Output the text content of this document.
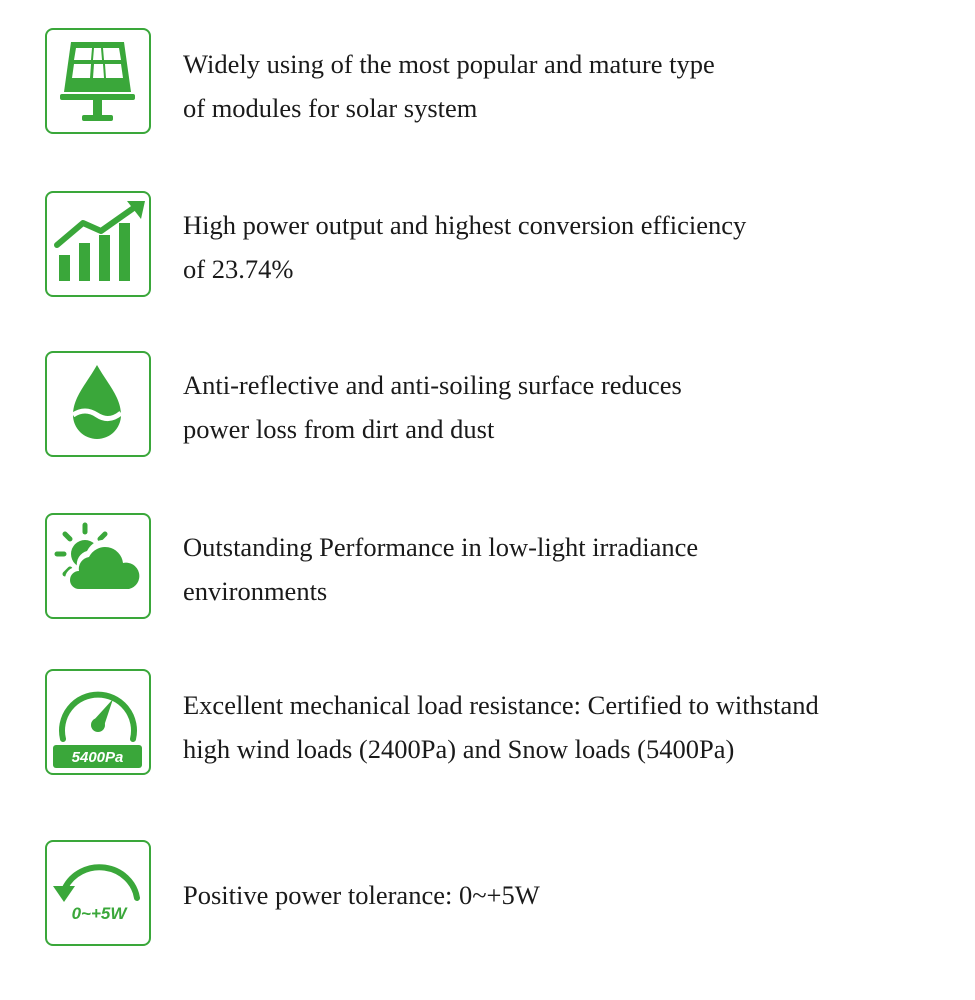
Widely using of the most popular and mature type
of modules for solar system
High power output and highest conversion efficiency
of 23.74%
Anti-reflective and anti-soiling surface reduces
power loss from dirt and dust
Outstanding Performance in low-light irradiance
environments
5400Pa
Excellent mechanical load resistance: Certified to withstand
high wind loads (2400Pa) and Snow loads (5400Pa)
0~+5W
Positive power tolerance: 0~+5W
